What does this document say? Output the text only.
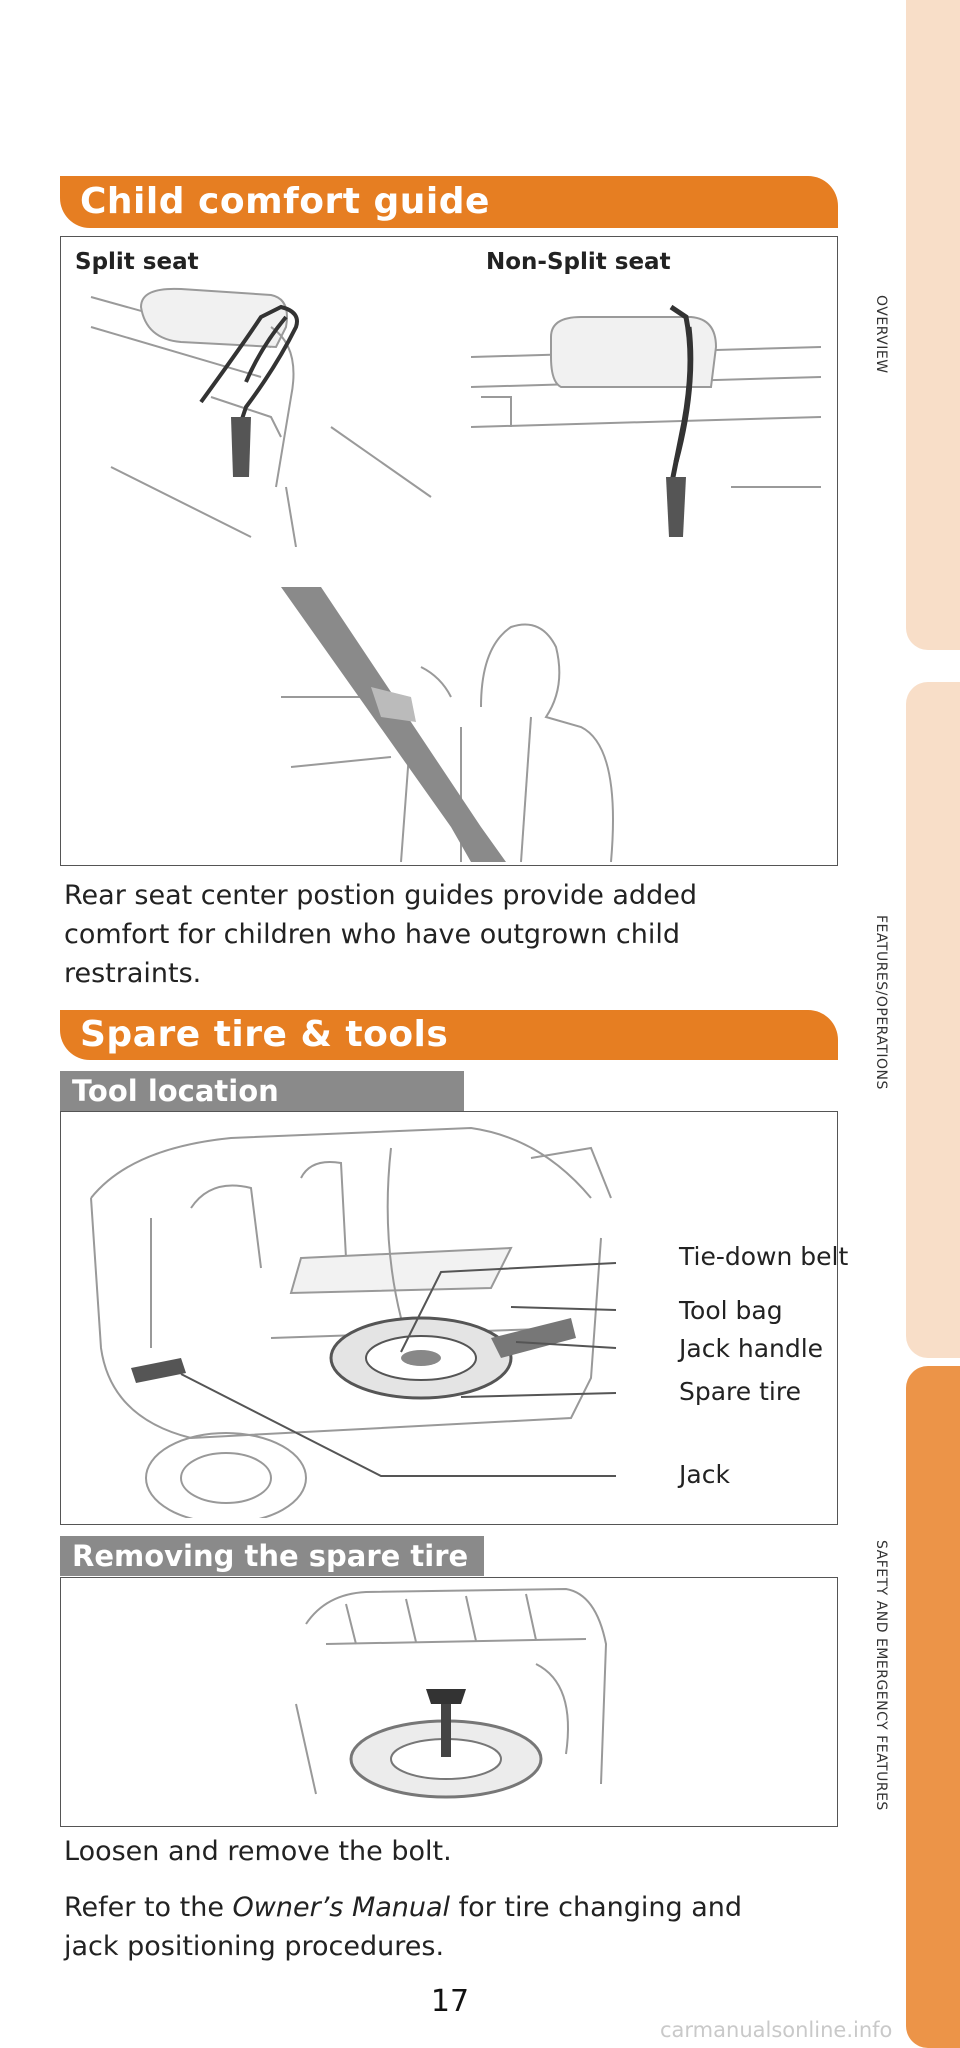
OVERVIEW
FEATURES/OPERATIONS
SAFETY AND EMERGENCY FEATURES
Child comfort guide
Split seat	Non-Split seat
Rear seat center postion guides provide added comfort for children who have outgrown child restraints.
Spare tire & tools
Tool location
Tie-down belt
Tool bag
Jack handle
Spare tire
Jack
Removing the spare tire
Loosen and remove the bolt.
Refer to the Owner’s Manual for tire changing and jack positioning procedures.
17
carmanualsonline.info
